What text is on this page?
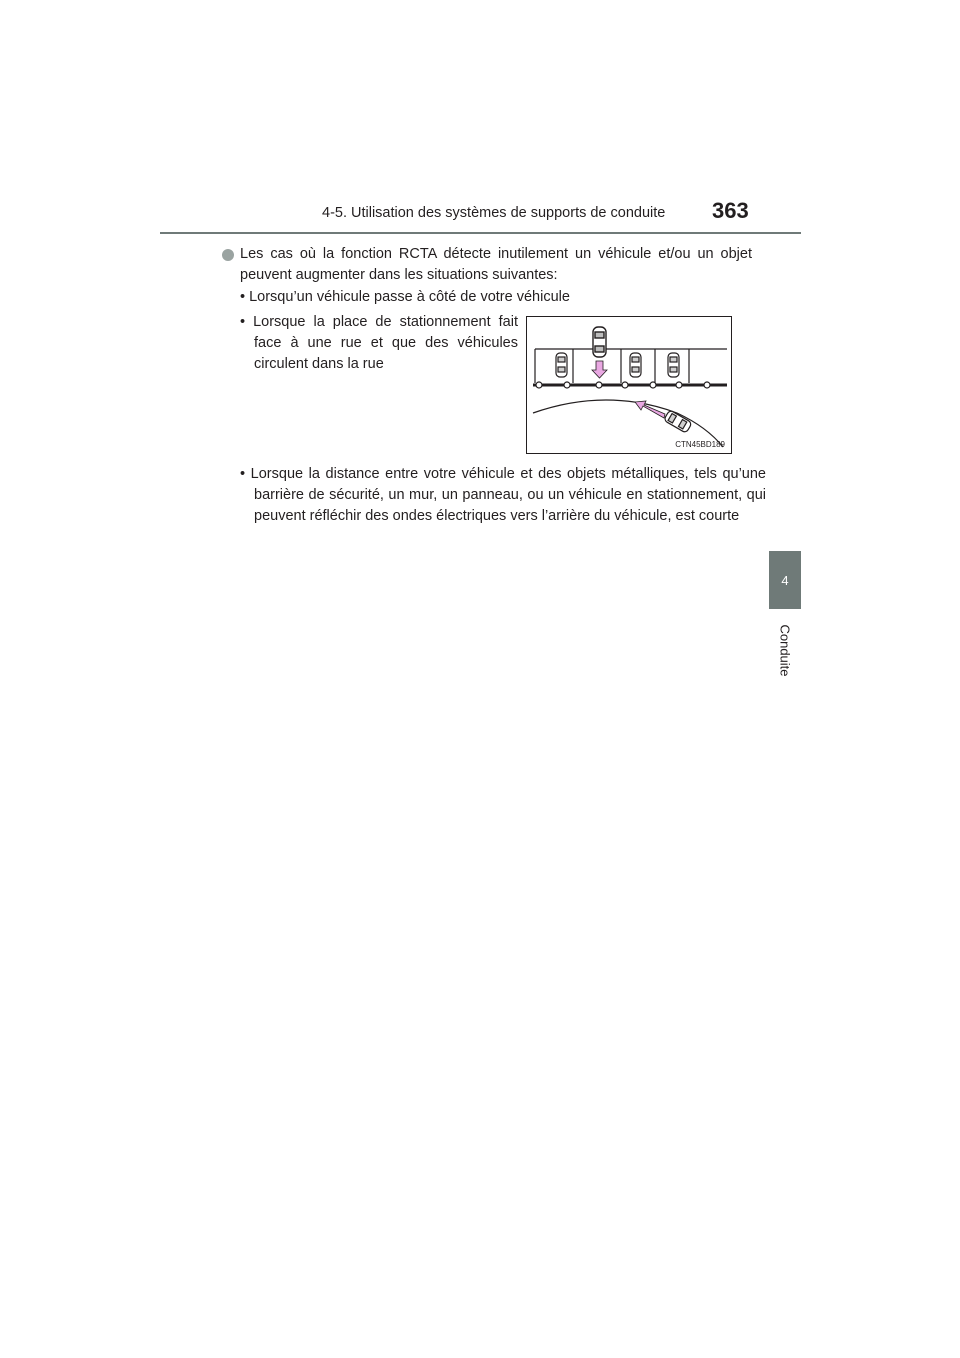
4-5. Utilisation des systèmes de supports de conduite 363
4
Conduite
Les cas où la fonction RCTA détecte inutilement un véhicule et/ou un objet peuvent augmenter dans les situations suivantes:
• Lorsqu’un véhicule passe à côté de votre véhicule
• Lorsque la place de stationnement fait face à une rue et que des véhicules circulent dans la rue
CTN45BD189
• Lorsque la distance entre votre véhicule et des objets métalliques, tels qu’une barrière de sécurité, un mur, un panneau, ou un véhicule en stationnement, qui peuvent réfléchir des ondes électriques vers l’arrière du véhicule, est courte
